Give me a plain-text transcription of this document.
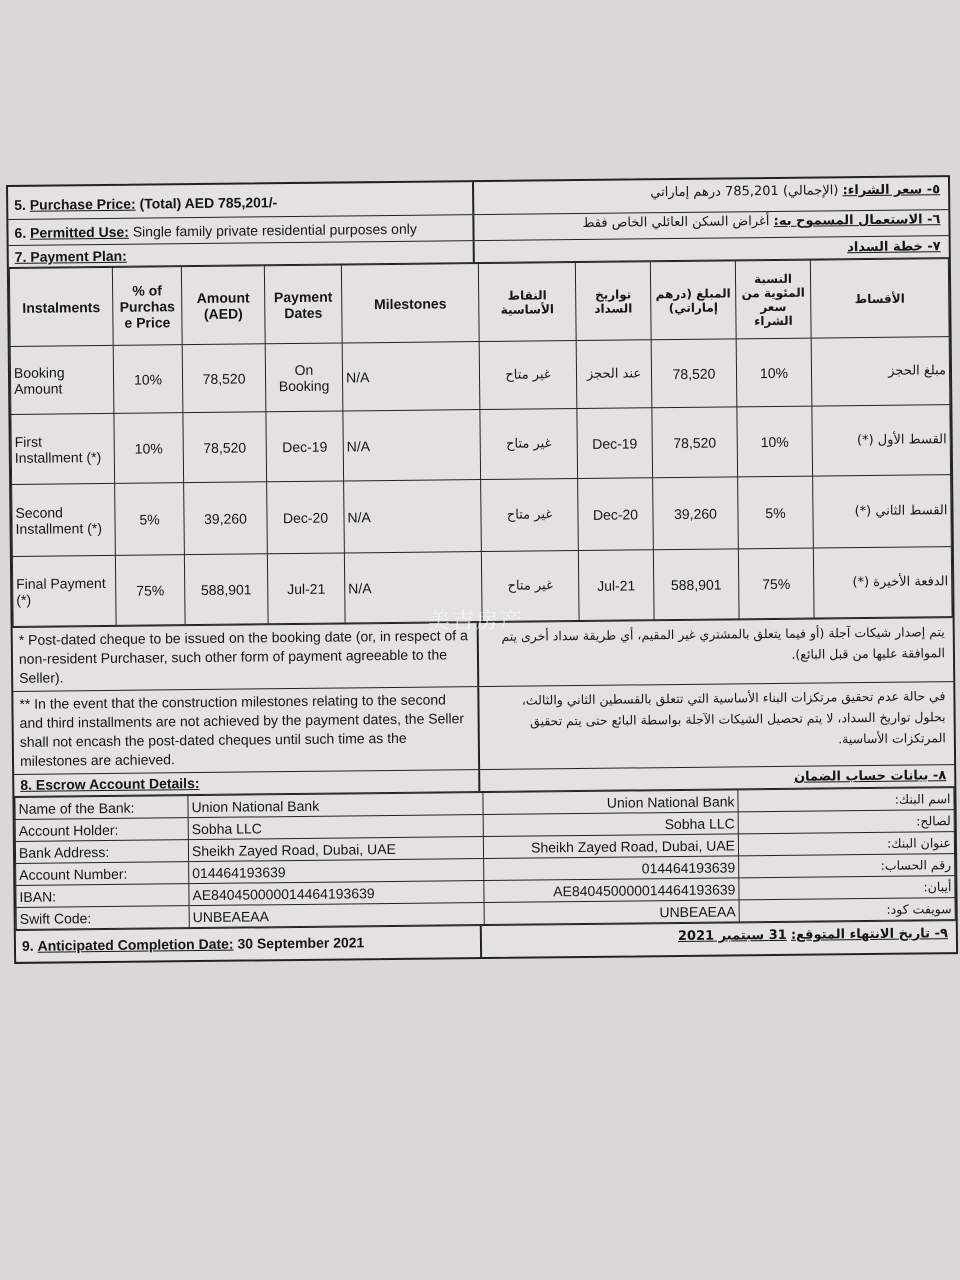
5. Purchase Price: (Total) AED 785,201/-
٥- سعر الشراء: (الإجمالي) 785,201 درهم إماراتي
6. Permitted Use: Single family private residential purposes only
٦- الاستعمال المسموح به: أغراض السكن العائلي الخاص فقط
7. Payment Plan:
٧- خطة السداد
Instalments	% of Purchas e Price	Amount (AED)	Payment Dates	Milestones	النقاط الأساسية	تواريخ السداد	المبلغ (درهم إماراتي)	النسبة المئوية من سعر الشراء	الأقساط
Booking Amount	10%	78,520	On Booking	N/A	غير متاح	عند الحجز	78,520	10%	مبلغ الحجز
First Installment (*)	10%	78,520	Dec-19	N/A	غير متاح	Dec-19	78,520	10%	القسط الأول (*)
Second Installment (*)	5%	39,260	Dec-20	N/A	غير متاح	Dec-20	39,260	5%	القسط الثاني (*)
Final Payment (*)	75%	588,901	Jul-21	N/A	غير متاح	Jul-21	588,901	75%	الدفعة الأخيرة (*)
* Post-dated cheque to be issued on the booking date (or, in respect of a non-resident Purchaser, such other form of payment agreeable to the Seller).
يتم إصدار شيكات آجلة (أو فيما يتعلق بالمشتري غير المقيم، أي طريقة سداد أخرى يتم الموافقة عليها من قبل البائع).
** In the event that the construction milestones relating to the second and third installments are not achieved by the payment dates, the Seller shall not encash the post-dated cheques until such time as the milestones are achieved.
في حالة عدم تحقيق مرتكزات البناء الأساسية التي تتعلق بالقسطين الثاني والثالث، بحلول تواريخ السداد، لا يتم تحصيل الشيكات الآجلة بواسطة البائع حتى يتم تحقيق المرتكزات الأساسية.
8. Escrow Account Details:	٨- بيانات حساب الضمان
Name of the Bank:	Union National Bank	Union National Bank	اسم البنك:
Account Holder:	Sobha LLC	Sobha LLC	لصالح:
Bank Address:	Sheikh Zayed Road, Dubai, UAE	Sheikh Zayed Road, Dubai, UAE	عنوان البنك:
Account Number:	014464193639	014464193639	رقم الحساب:
IBAN:	AE840450000014464193639	AE840450000014464193639	أيبان:
Swift Code:	UNBEAEAA	UNBEAEAA	سويفت كود:
9. Anticipated Completion Date: 30 September 2021	٩- تاريخ الانتهاء المتوقع: 31 سبتمبر 2021
美吉房产
